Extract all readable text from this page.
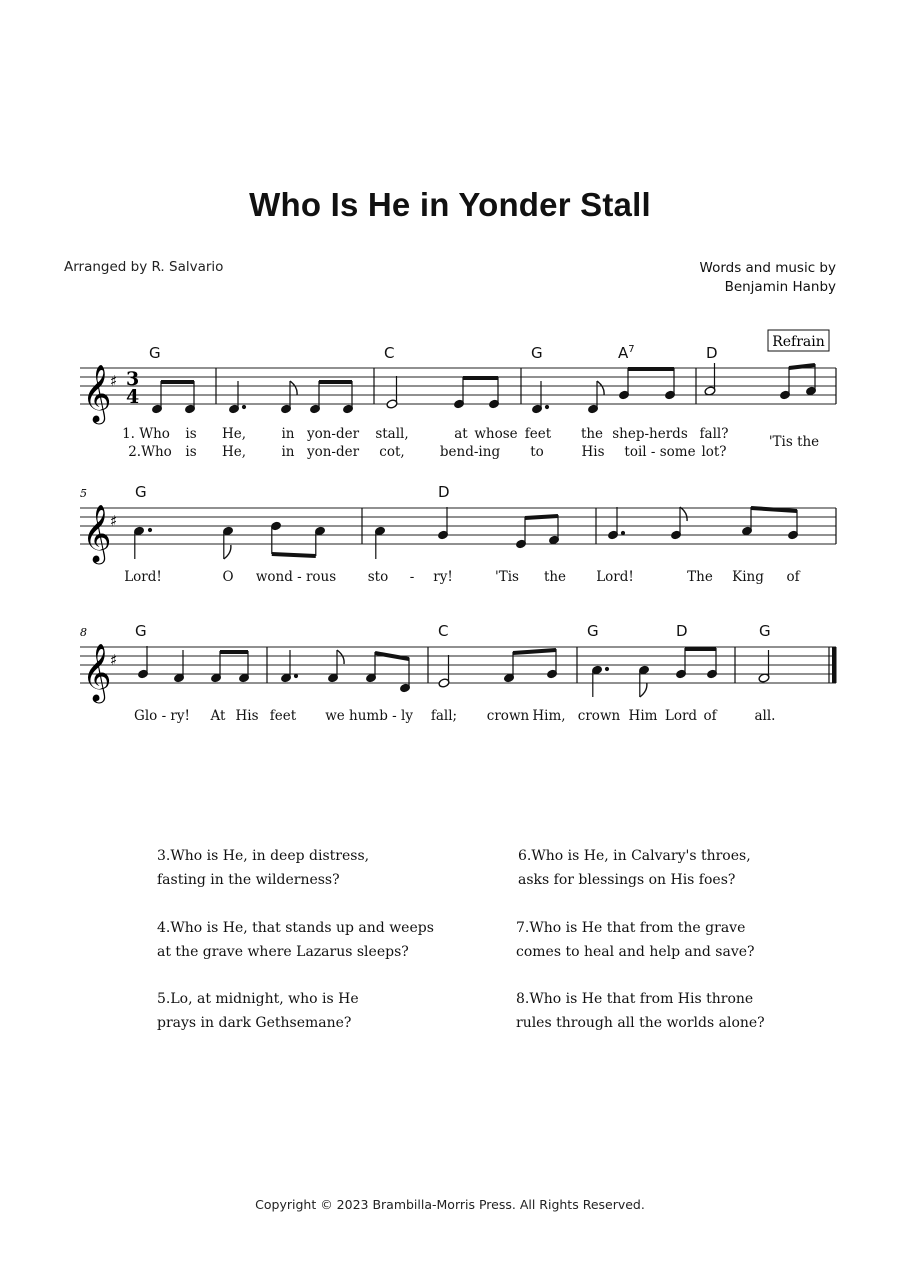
Who Is He in Yonder Stall
Arranged by R. Salvario	Words and music by
Benjamin Hanby
𝄞
♯ 3
4
G	C	G	$A^7$	D
Refrain
1. Who is He,	in yon-der stall,	at whose feet the shep-herds fall?	'Tis the
2.Who is He,	in yon-der cot,	bend-ing to	His toil - some lot?
5
𝄞
♯
G	D
Lord!	O wond - rous sto - ry!	'Tis the Lord!	The King of
8
𝄞
♯
G	C	G	D	G
Glo - ry! At His feet we humb - ly fall; crown Him, crown Him Lord of	all.
3.Who is He, in deep distress,
fasting in the wilderness?
4.Who is He, that stands up and weeps
at the grave where Lazarus sleeps?
5.Lo, at midnight, who is He
prays in dark Gethsemane?
6.Who is He, in Calvary's throes,
asks for blessings on His foes?
7.Who is He that from the grave
comes to heal and help and save?
8.Who is He that from His throne
rules through all the worlds alone?
Copyright © 2023 Brambilla-Morris Press. All Rights Reserved.
